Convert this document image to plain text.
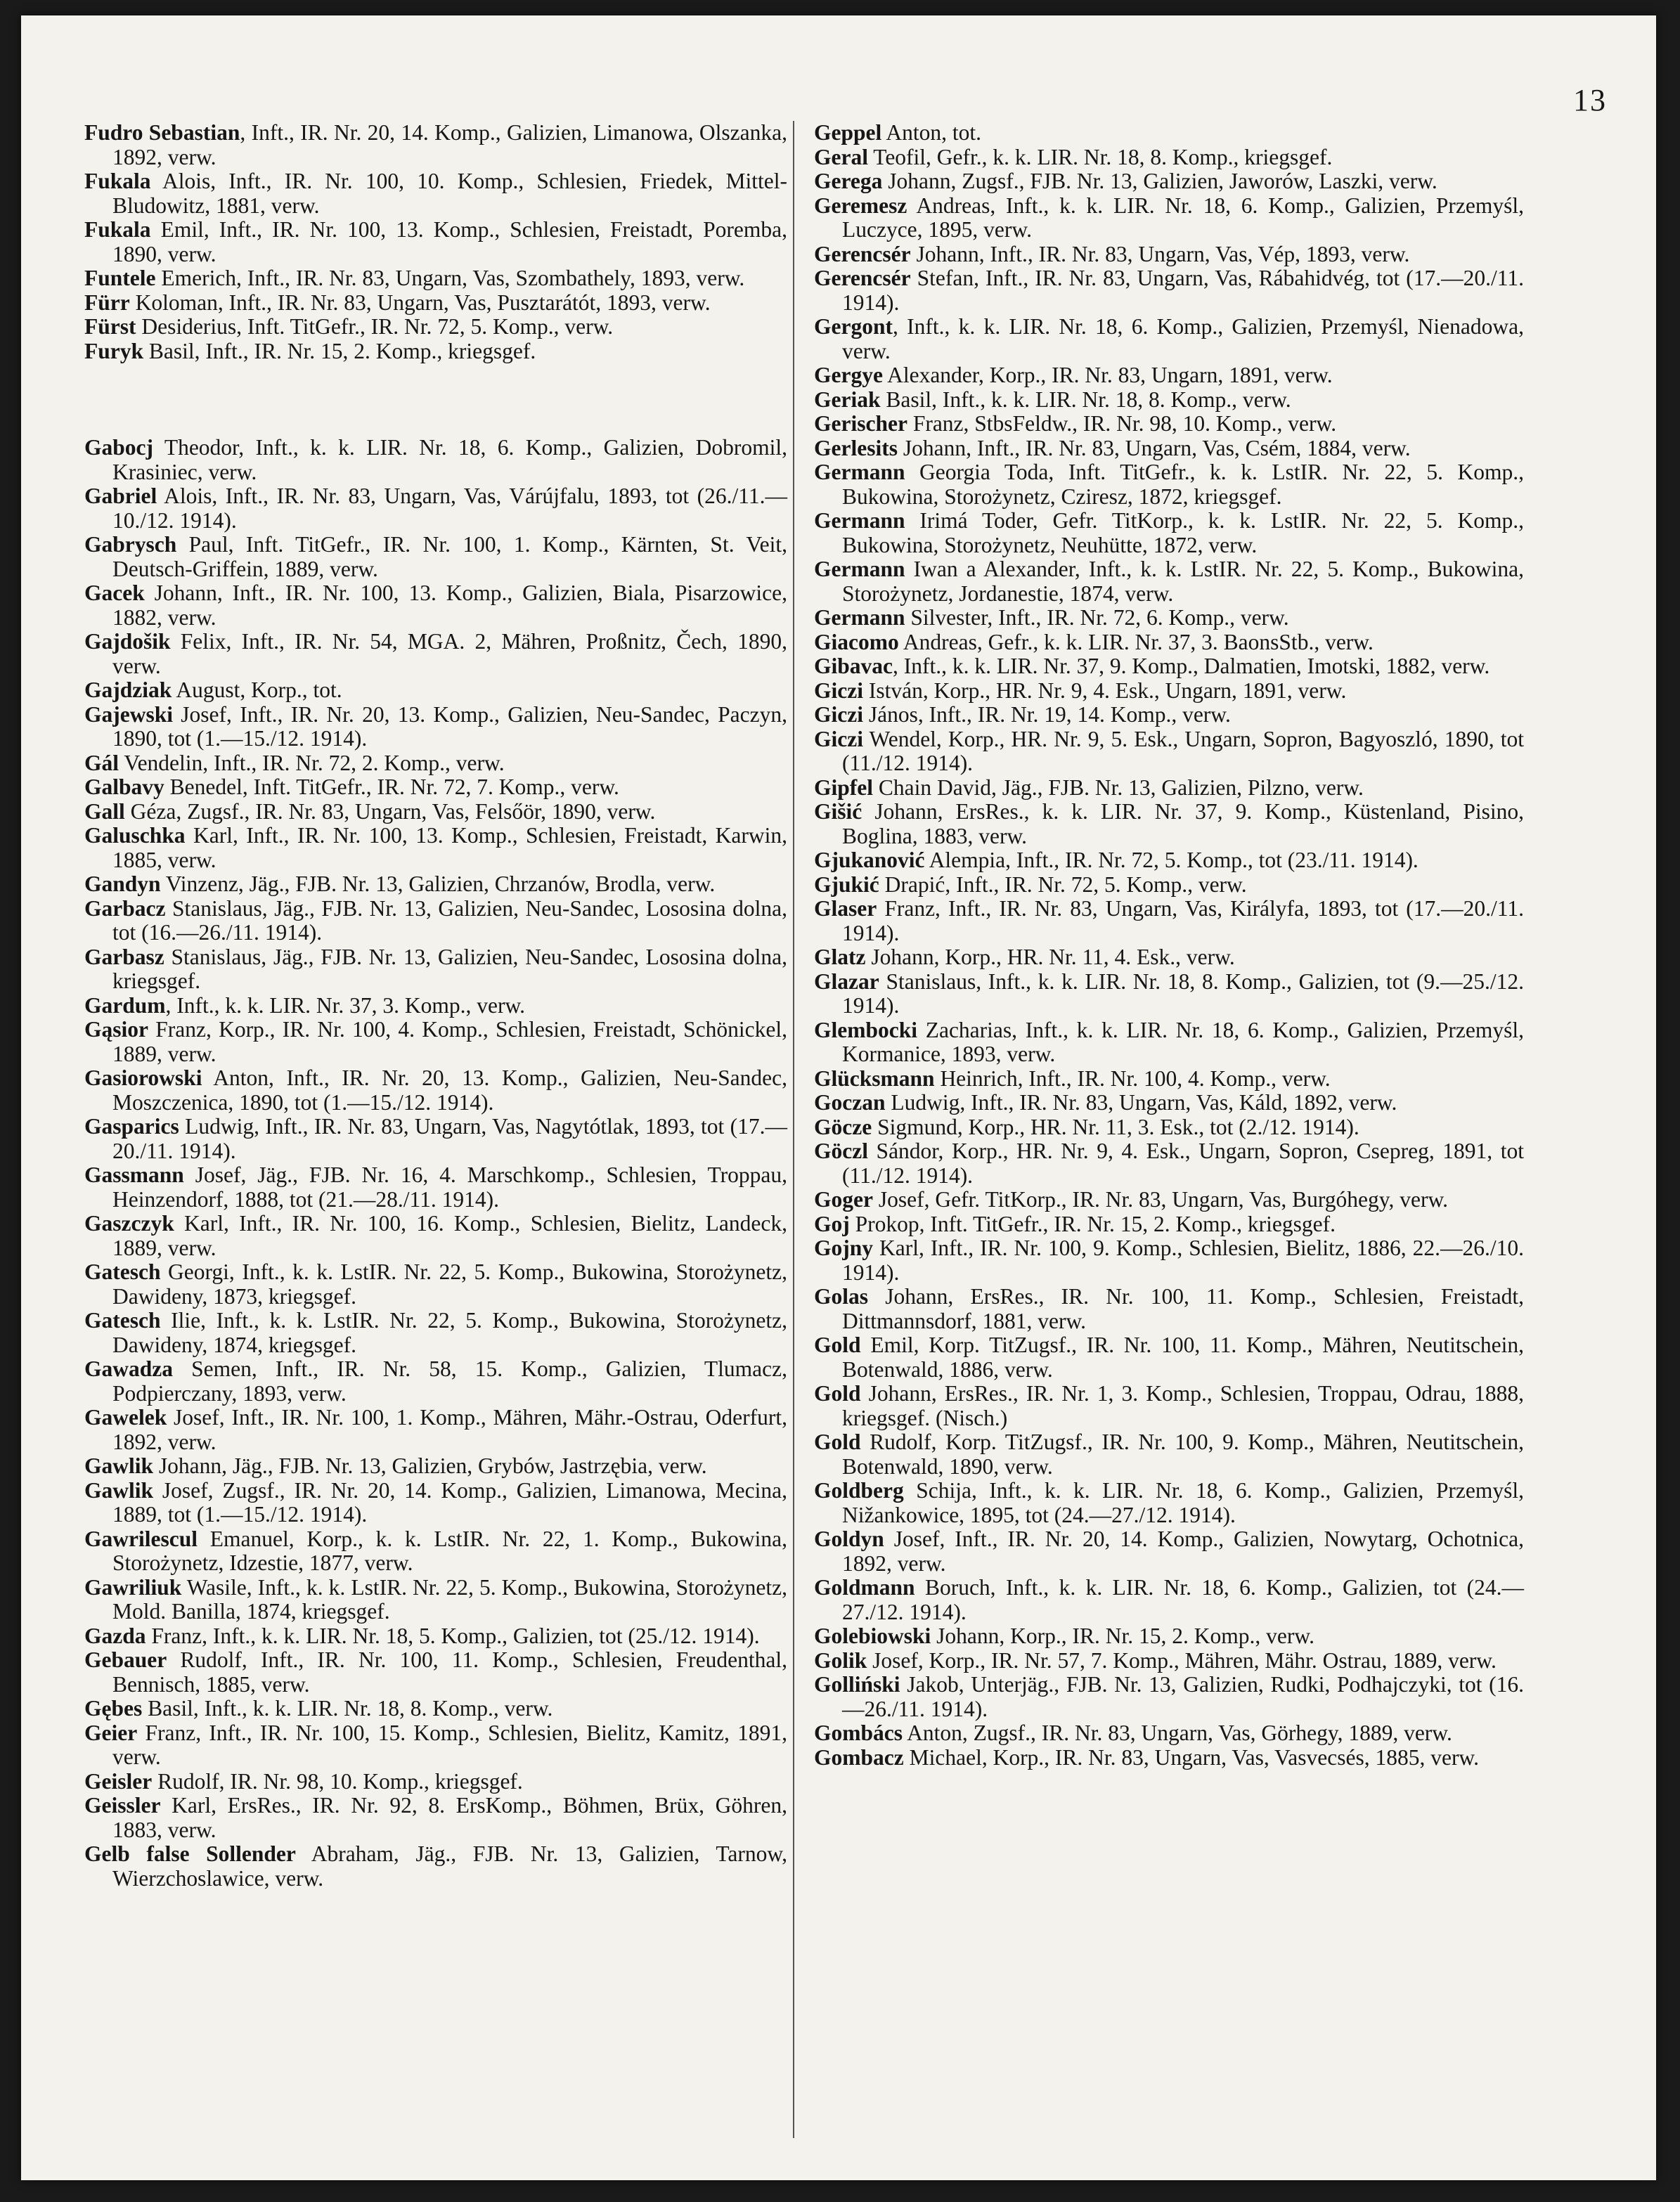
13

Fudro Sebastian, Inft., IR. Nr. 20, 14. Komp., Galizien, Limanowa, Olszanka, 1892, verw.

Fukala Alois, Inft., IR. Nr. 100, 10. Komp., Schlesien, Friedek, Mittel-Bludowitz, 1881, verw.

Fukala Emil, Inft., IR. Nr. 100, 13. Komp., Schlesien, Freistadt, Poremba, 1890, verw.

Funtele Emerich, Inft., IR. Nr. 83, Ungarn, Vas, Szombathely, 1893, verw.

Fürr Koloman, Inft., IR. Nr. 83, Ungarn, Vas, Pusztarátót, 1893, verw.

Fürst Desiderius, Inft. TitGefr., IR. Nr. 72, 5. Komp., verw.

Furyk Basil, Inft., IR. Nr. 15, 2. Komp., kriegsgef.

Gabocj Theodor, Inft., k. k. LIR. Nr. 18, 6. Komp., Galizien, Dobromil, Krasiniec, verw.

Gabriel Alois, Inft., IR. Nr. 83, Ungarn, Vas, Várújfalu, 1893, tot (26./11.—10./12. 1914).

Gabrysch Paul, Inft. TitGefr., IR. Nr. 100, 1. Komp., Kärnten, St. Veit, Deutsch-Griffein, 1889, verw.

Gacek Johann, Inft., IR. Nr. 100, 13. Komp., Galizien, Biala, Pisarzowice, 1882, verw.

Gajdošik Felix, Inft., IR. Nr. 54, MGA. 2, Mähren, Proßnitz, Čech, 1890, verw.

Gajdziak August, Korp., tot.

Gajewski Josef, Inft., IR. Nr. 20, 13. Komp., Galizien, Neu-Sandec, Paczyn, 1890, tot (1.—15./12. 1914).

Gál Vendelin, Inft., IR. Nr. 72, 2. Komp., verw.

Galbavy Benedel, Inft. TitGefr., IR. Nr. 72, 7. Komp., verw.

Gall Géza, Zugsf., IR. Nr. 83, Ungarn, Vas, Felsőör, 1890, verw.

Galuschka Karl, Inft., IR. Nr. 100, 13. Komp., Schlesien, Freistadt, Karwin, 1885, verw.

Gandyn Vinzenz, Jäg., FJB. Nr. 13, Galizien, Chrzanów, Brodla, verw.

Garbacz Stanislaus, Jäg., FJB. Nr. 13, Galizien, Neu-Sandec, Lososina dolna, tot (16.—26./11. 1914).

Garbasz Stanislaus, Jäg., FJB. Nr. 13, Galizien, Neu-Sandec, Lososina dolna, kriegsgef.

Gardum, Inft., k. k. LIR. Nr. 37, 3. Komp., verw.

Gąsior Franz, Korp., IR. Nr. 100, 4. Komp., Schlesien, Freistadt, Schönickel, 1889, verw.

Gasiorowski Anton, Inft., IR. Nr. 20, 13. Komp., Galizien, Neu-Sandec, Moszczenica, 1890, tot (1.—15./12. 1914).

Gasparics Ludwig, Inft., IR. Nr. 83, Ungarn, Vas, Nagytótlak, 1893, tot (17.—20./11. 1914).

Gassmann Josef, Jäg., FJB. Nr. 16, 4. Marschkomp., Schlesien, Troppau, Heinzendorf, 1888, tot (21.—28./11. 1914).

Gaszczyk Karl, Inft., IR. Nr. 100, 16. Komp., Schlesien, Bielitz, Landeck, 1889, verw.

Gatesch Georgi, Inft., k. k. LstIR. Nr. 22, 5. Komp., Bukowina, Storożynetz, Dawideny, 1873, kriegsgef.

Gatesch Ilie, Inft., k. k. LstIR. Nr. 22, 5. Komp., Bukowina, Storożynetz, Dawideny, 1874, kriegsgef.

Gawadza Semen, Inft., IR. Nr. 58, 15. Komp., Galizien, Tlumacz, Podpierczany, 1893, verw.

Gawelek Josef, Inft., IR. Nr. 100, 1. Komp., Mähren, Mähr.-Ostrau, Oderfurt, 1892, verw.

Gawlik Johann, Jäg., FJB. Nr. 13, Galizien, Grybów, Jastrzębia, verw.

Gawlik Josef, Zugsf., IR. Nr. 20, 14. Komp., Galizien, Limanowa, Mecina, 1889, tot (1.—15./12. 1914).

Gawrilescul Emanuel, Korp., k. k. LstIR. Nr. 22, 1. Komp., Bukowina, Storożynetz, Idzestie, 1877, verw.

Gawriliuk Wasile, Inft., k. k. LstIR. Nr. 22, 5. Komp., Bukowina, Storożynetz, Mold. Banilla, 1874, kriegsgef.

Gazda Franz, Inft., k. k. LIR. Nr. 18, 5. Komp., Galizien, tot (25./12. 1914).

Gebauer Rudolf, Inft., IR. Nr. 100, 11. Komp., Schlesien, Freudenthal, Bennisch, 1885, verw.

Gębes Basil, Inft., k. k. LIR. Nr. 18, 8. Komp., verw.

Geier Franz, Inft., IR. Nr. 100, 15. Komp., Schlesien, Bielitz, Kamitz, 1891, verw.

Geisler Rudolf, IR. Nr. 98, 10. Komp., kriegsgef.

Geissler Karl, ErsRes., IR. Nr. 92, 8. ErsKomp., Böhmen, Brüx, Göhren, 1883, verw.

Gelb false Sollender Abraham, Jäg., FJB. Nr. 13, Galizien, Tarnow, Wierzchoslawice, verw.

Geppel Anton, tot.

Geral Teofil, Gefr., k. k. LIR. Nr. 18, 8. Komp., kriegsgef.

Gerega Johann, Zugsf., FJB. Nr. 13, Galizien, Jaworów, Laszki, verw.

Geremesz Andreas, Inft., k. k. LIR. Nr. 18, 6. Komp., Galizien, Przemyśl, Luczyce, 1895, verw.

Gerencsér Johann, Inft., IR. Nr. 83, Ungarn, Vas, Vép, 1893, verw.

Gerencsér Stefan, Inft., IR. Nr. 83, Ungarn, Vas, Rábahidvég, tot (17.—20./11. 1914).

Gergont, Inft., k. k. LIR. Nr. 18, 6. Komp., Galizien, Przemyśl, Nienadowa, verw.

Gergye Alexander, Korp., IR. Nr. 83, Ungarn, 1891, verw.

Geriak Basil, Inft., k. k. LIR. Nr. 18, 8. Komp., verw.

Gerischer Franz, StbsFeldw., IR. Nr. 98, 10. Komp., verw.

Gerlesits Johann, Inft., IR. Nr. 83, Ungarn, Vas, Csém, 1884, verw.

Germann Georgia Toda, Inft. TitGefr., k. k. LstIR. Nr. 22, 5. Komp., Bukowina, Storożynetz, Cziresz, 1872, kriegsgef.

Germann Irimá Toder, Gefr. TitKorp., k. k. LstIR. Nr. 22, 5. Komp., Bukowina, Storożynetz, Neuhütte, 1872, verw.

Germann Iwan a Alexander, Inft., k. k. LstIR. Nr. 22, 5. Komp., Bukowina, Storożynetz, Jordanestie, 1874, verw.

Germann Silvester, Inft., IR. Nr. 72, 6. Komp., verw.

Giacomo Andreas, Gefr., k. k. LIR. Nr. 37, 3. BaonsStb., verw.

Gibavac, Inft., k. k. LIR. Nr. 37, 9. Komp., Dalmatien, Imotski, 1882, verw.

Giczi István, Korp., HR. Nr. 9, 4. Esk., Ungarn, 1891, verw.

Giczi János, Inft., IR. Nr. 19, 14. Komp., verw.

Giczi Wendel, Korp., HR. Nr. 9, 5. Esk., Ungarn, Sopron, Bagyoszló, 1890, tot (11./12. 1914).

Gipfel Chain David, Jäg., FJB. Nr. 13, Galizien, Pilzno, verw.

Gišić Johann, ErsRes., k. k. LIR. Nr. 37, 9. Komp., Küstenland, Pisino, Boglina, 1883, verw.

Gjukanović Alempia, Inft., IR. Nr. 72, 5. Komp., tot (23./11. 1914).

Gjukić Drapić, Inft., IR. Nr. 72, 5. Komp., verw.

Glaser Franz, Inft., IR. Nr. 83, Ungarn, Vas, Királyfa, 1893, tot (17.—20./11. 1914).

Glatz Johann, Korp., HR. Nr. 11, 4. Esk., verw.

Glazar Stanislaus, Inft., k. k. LIR. Nr. 18, 8. Komp., Galizien, tot (9.—25./12. 1914).

Glembocki Zacharias, Inft., k. k. LIR. Nr. 18, 6. Komp., Galizien, Przemyśl, Kormanice, 1893, verw.

Glücksmann Heinrich, Inft., IR. Nr. 100, 4. Komp., verw.

Goczan Ludwig, Inft., IR. Nr. 83, Ungarn, Vas, Káld, 1892, verw.

Göcze Sigmund, Korp., HR. Nr. 11, 3. Esk., tot (2./12. 1914).

Göczl Sándor, Korp., HR. Nr. 9, 4. Esk., Ungarn, Sopron, Csepreg, 1891, tot (11./12. 1914).

Goger Josef, Gefr. TitKorp., IR. Nr. 83, Ungarn, Vas, Burgóhegy, verw.

Goj Prokop, Inft. TitGefr., IR. Nr. 15, 2. Komp., kriegsgef.

Gojny Karl, Inft., IR. Nr. 100, 9. Komp., Schlesien, Bielitz, 1886, 22.—26./10. 1914).

Golas Johann, ErsRes., IR. Nr. 100, 11. Komp., Schlesien, Freistadt, Dittmannsdorf, 1881, verw.

Gold Emil, Korp. TitZugsf., IR. Nr. 100, 11. Komp., Mähren, Neutitschein, Botenwald, 1886, verw.

Gold Johann, ErsRes., IR. Nr. 1, 3. Komp., Schlesien, Troppau, Odrau, 1888, kriegsgef. (Nisch.)

Gold Rudolf, Korp. TitZugsf., IR. Nr. 100, 9. Komp., Mähren, Neutitschein, Botenwald, 1890, verw.

Goldberg Schija, Inft., k. k. LIR. Nr. 18, 6. Komp., Galizien, Przemyśl, Nižankowice, 1895, tot (24.—27./12. 1914).

Goldyn Josef, Inft., IR. Nr. 20, 14. Komp., Galizien, Nowytarg, Ochotnica, 1892, verw.

Goldmann Boruch, Inft., k. k. LIR. Nr. 18, 6. Komp., Galizien, tot (24.—27./12. 1914).

Golebiowski Johann, Korp., IR. Nr. 15, 2. Komp., verw.

Golik Josef, Korp., IR. Nr. 57, 7. Komp., Mähren, Mähr. Ostrau, 1889, verw.

Golliński Jakob, Unterjäg., FJB. Nr. 13, Galizien, Rudki, Podhajczyki, tot (16.—26./11. 1914).

Gombács Anton, Zugsf., IR. Nr. 83, Ungarn, Vas, Görhegy, 1889, verw.

Gombacz Michael, Korp., IR. Nr. 83, Ungarn, Vas, Vasvecsés, 1885, verw.
